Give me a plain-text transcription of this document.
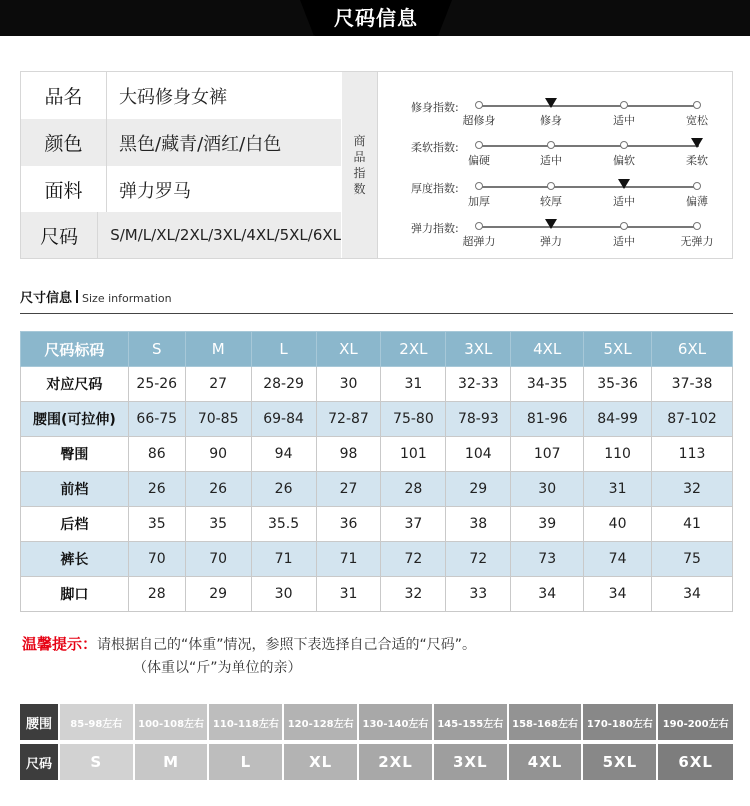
尺码信息
品名	大码修身女裤
颜色	黑色/藏青/酒红/白色
面料	弹力罗马
尺码	S/M/L/XL/2XL/3XL/4XL/5XL/6XL
商
品
指
数
修身指数:
超修身	修身	适中	宽松
柔软指数:
偏硬	适中	偏软	柔软
厚度指数:
加厚	较厚	适中	偏薄
弹力指数:
超弹力	弹力	适中	无弹力
尺寸信息 Size information
尺码标码	S	M	L	XL	2XL	3XL	4XL	5XL	6XL
对应尺码	25-26	27	28-29	30	31	32-33	34-35	35-36	37-38
腰围(可拉伸)	66-75	70-85	69-84	72-87	75-80	78-93	81-96	84-99	87-102
臀围	86	90	94	98	101	104	107	110	113
前档	26	26	26	27	28	29	30	31	32
后档	35	35	35.5	36	37	38	39	40	41
裤长	70	70	71	71	72	72	73	74	75
脚口	28	29	30	31	32	33	34	34	34
温馨提示：请根据自己的“体重”情况，参照下表选择自己合适的“尺码”。
（体重以“斤”为单位的亲）
腰围	85-98左右	100-108左右 110-118左右 120-128左右 130-140左右 145-155左右 158-168左右 170-180左右 190-200左右
尺码	S	M	L	XL	2XL	3XL	4XL	5XL	6XL
